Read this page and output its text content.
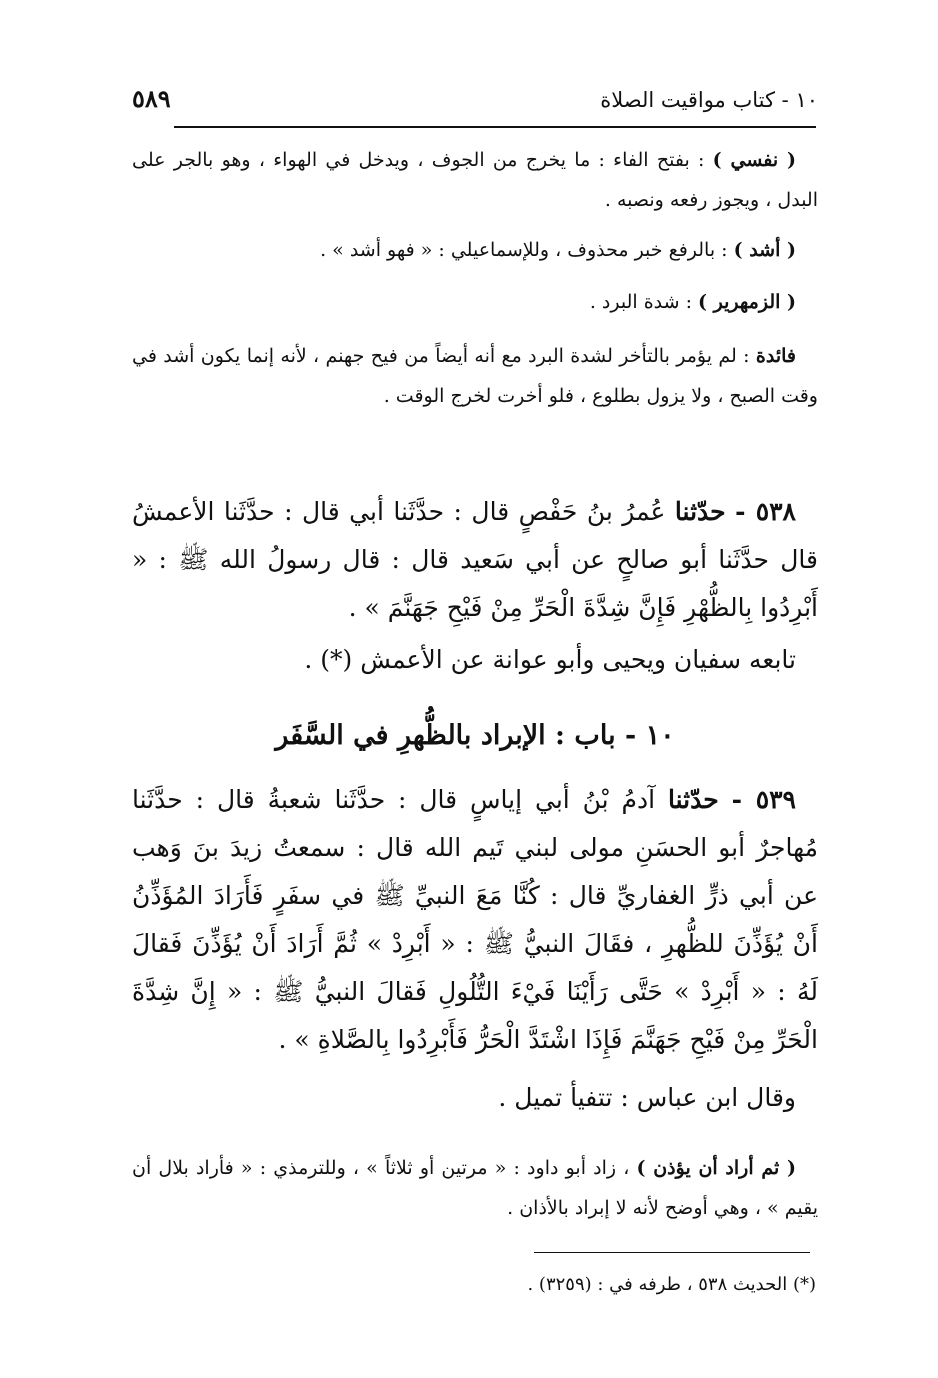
٥٨٩	١٠ - كتاب مواقيت الصلاة

( نفسي ) : بفتح الفاء : ما يخرج من الجوف ، ويدخل في الهواء ، وهو بالجر على البدل ، ويجوز رفعه ونصبه .

( أشد ) : بالرفع خبر محذوف ، وللإسماعيلي : « فهو أشد » .

( الزمهرير ) : شدة البرد .

فائدة : لم يؤمر بالتأخر لشدة البرد مع أنه أيضاً من فيح جهنم ، لأنه إنما يكون أشد في وقت الصبح ، ولا يزول بطلوع ، فلو أخرت لخرج الوقت .

٥٣٨ - حدّثنا عُمرُ بنُ حَفْصٍ قال : حدَّثَنا أبي قال : حدَّثَنا الأعمشُ قال حدَّثَنا أبو صالحٍ عن أبي سَعيد قال : قال رسولُ الله ﷺ : « أَبْرِدُوا بِالظُّهْرِ فَإِنَّ شِدَّةَ الْحَرِّ مِنْ فَيْحِ جَهَنَّمَ » .

تابعه سفيان ويحيى وأبو عوانة عن الأعمش (*) .

١٠ - باب : الإبراد بالظُّهرِ في السَّفَر

٥٣٩ - حدّثنا آدمُ بْنُ أبي إياسٍ قال : حدَّثَنا شعبةُ قال : حدَّثَنا مُهاجرٌ أبو الحسَنِ مولى لبني تَيم الله قال : سمعتُ زيدَ بنَ وَهب عن أبي ذرٍّ الغفاريِّ قال : كُنَّا مَعَ النبيِّ ﷺ في سفَرٍ فَأَرَادَ المُؤَذِّنُ أَنْ يُؤَذِّنَ للظُّهرِ ، فقَالَ النبيُّ ﷺ : « أَبْرِدْ » ثُمَّ أَرَادَ أَنْ يُؤَذِّنَ فَقالَ لَهُ : « أَبْرِدْ » حَتَّى رَأَيْنَا فَيْءَ التُّلُولِ فَقالَ النبيُّ ﷺ : « إِنَّ شِدَّةَ الْحَرِّ مِنْ فَيْحِ جَهَنَّمَ فَإِذَا اشْتَدَّ الْحَرُّ فَأَبْرِدُوا بِالصَّلاةِ » .

وقال ابن عباس : تتفيأ تميل .

( ثم أراد أن يؤذن ) ، زاد أبو داود : « مرتين أو ثلاثاً » ، وللترمذي : « فأراد بلال أن يقيم » ، وهي أوضح لأنه لا إبراد بالأذان .

(*) الحديث ٥٣٨ ، طرفه في : (٣٢٥٩) .
